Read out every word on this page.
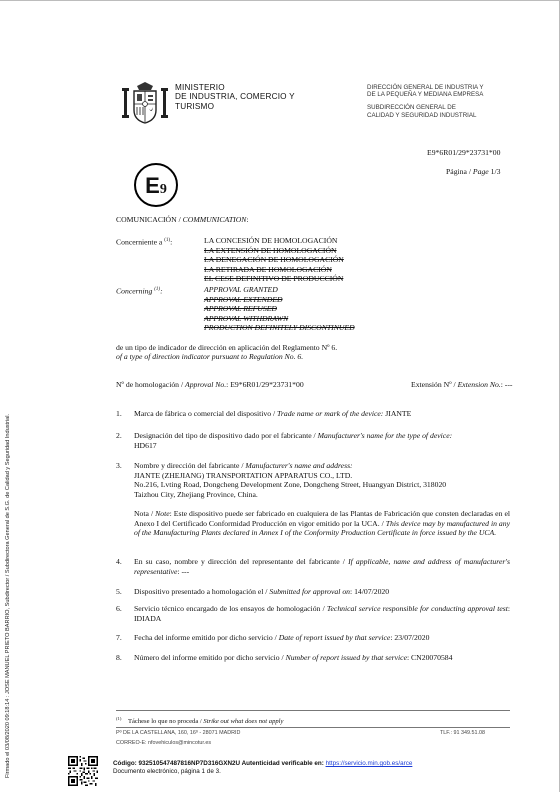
MINISTERIO
DE INDUSTRIA, COMERCIO Y
TURISMO
DIRECCIÓN GENERAL DE INDUSTRIA Y
DE LA PEQUEÑA Y MEDIANA EMPRESA
SUBDIRECCIÓN GENERAL DE
CALIDAD Y SEGURIDAD INDUSTRIAL
E9
E9*6R01/29*23731*00
Página / Page 1/3
COMUNICACIÓN / COMMUNICATION:
Concerniente a $^{(1)}$:	LA CONCESIÓN DE HOMOLOGACIÓN
LA EXTENSIÓN DE HOMOLOGACIÓN
LA DENEGACIÓN DE HOMOLOGACIÓN
LA RETIRADA DE HOMOLOGACIÓN
EL CESE DEFINITIVO DE PRODUCCIÓN
Concerning $^{(1)}$:	APPROVAL GRANTED
APPROVAL EXTENDED
APPROVAL REFUSED
APPROVAL WITHDRAWN
PRODUCTION DEFINITELY DISCONTINUED
de un tipo de indicador de dirección en aplicación del Reglamento Nº 6.
of a type of direction indicator pursuant to Regulation No. 6.
Nº de homologación / Approval No.: E9*6R01/29*23731*00	Extensión Nº / Extension No.: ---
1. Marca de fábrica o comercial del dispositivo / Trade name or mark of the device: JIANTE
2. Designación del tipo de dispositivo dado por el fabricante / Manufacturer's name for the type of device:
HD617
3. Nombre y dirección del fabricante / Manufacturer's name and address:
JIANTE (ZHEJIANG) TRANSPORTATION APPARATUS CO., LTD.
No.216, Lvting Road, Dongcheng Development Zone, Dongcheng Street, Huangyan District, 318020
Taizhou City, Zhejiang Province, China.
Nota / Note: Este dispositivo puede ser fabricado en cualquiera de las Plantas de Fabricación que consten declaradas en el Anexo I del Certificado Conformidad Producción en vigor emitido por la UCA. / This device may by manufactured in any of the Manufacturing Plants declared in Annex I of the Conformity Production Certificate in force issued by the UCA.
4. En su caso, nombre y dirección del representante del fabricante / If applicable, name and address of manufacturer's representative: ---
5. Dispositivo presentado a homologación el / Submitted for approval on: 14/07/2020
6. Servicio técnico encargado de los ensayos de homologación / Technical service responsible for conducting approval test: IDIADA
7. Fecha del informe emitido por dicho servicio / Date of report issued by that service: 23/07/2020
8. Número del informe emitido por dicho servicio / Number of report issued by that service: CN20070584
$^{(1)}$ Táchese lo que no proceda / Strike out what does not apply
Pº DE LA CASTELLANA, 160, 16º - 28071 MADRID
CORREO-E: nfovehiculos@mincotur.es
TLF.: 91 349.51.08
Firmado el 03/08/2020 09:18:14 : JOSE MANUEL PRIETO BARRIO, Subdirector / Subdirectora General de S.G. de Calidad y Seguridad Industrial.	Código: 932510547487816NP7D316GXN2U Autenticidad verificable en: https://servicio.min.gob.es/arce
Documento electrónico, página 1 de 3.
